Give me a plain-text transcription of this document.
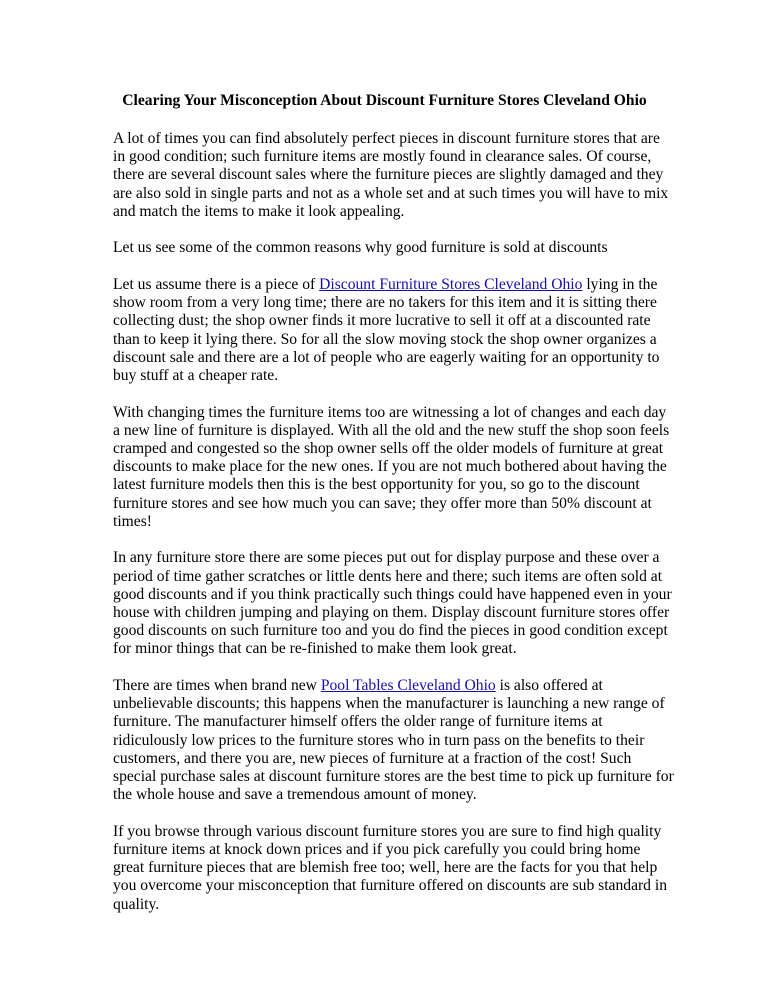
Clearing Your Misconception About Discount Furniture Stores Cleveland Ohio

A lot of times you can find absolutely perfect pieces in discount furniture stores that are
in good condition; such furniture items are mostly found in clearance sales. Of course,
there are several discount sales where the furniture pieces are slightly damaged and they
are also sold in single parts and not as a whole set and at such times you will have to mix
and match the items to make it look appealing.

Let us see some of the common reasons why good furniture is sold at discounts

Let us assume there is a piece of Discount Furniture Stores Cleveland Ohio lying in the
show room from a very long time; there are no takers for this item and it is sitting there
collecting dust; the shop owner finds it more lucrative to sell it off at a discounted rate
than to keep it lying there. So for all the slow moving stock the shop owner organizes a
discount sale and there are a lot of people who are eagerly waiting for an opportunity to
buy stuff at a cheaper rate.

With changing times the furniture items too are witnessing a lot of changes and each day
a new line of furniture is displayed. With all the old and the new stuff the shop soon feels
cramped and congested so the shop owner sells off the older models of furniture at great
discounts to make place for the new ones. If you are not much bothered about having the
latest furniture models then this is the best opportunity for you, so go to the discount
furniture stores and see how much you can save; they offer more than 50% discount at
times!

In any furniture store there are some pieces put out for display purpose and these over a
period of time gather scratches or little dents here and there; such items are often sold at
good discounts and if you think practically such things could have happened even in your
house with children jumping and playing on them. Display discount furniture stores offer
good discounts on such furniture too and you do find the pieces in good condition except
for minor things that can be re-finished to make them look great.

There are times when brand new Pool Tables Cleveland Ohio is also offered at
unbelievable discounts; this happens when the manufacturer is launching a new range of
furniture. The manufacturer himself offers the older range of furniture items at
ridiculously low prices to the furniture stores who in turn pass on the benefits to their
customers, and there you are, new pieces of furniture at a fraction of the cost! Such
special purchase sales at discount furniture stores are the best time to pick up furniture for
the whole house and save a tremendous amount of money.

If you browse through various discount furniture stores you are sure to find high quality
furniture items at knock down prices and if you pick carefully you could bring home
great furniture pieces that are blemish free too; well, here are the facts for you that help
you overcome your misconception that furniture offered on discounts are sub standard in
quality.
